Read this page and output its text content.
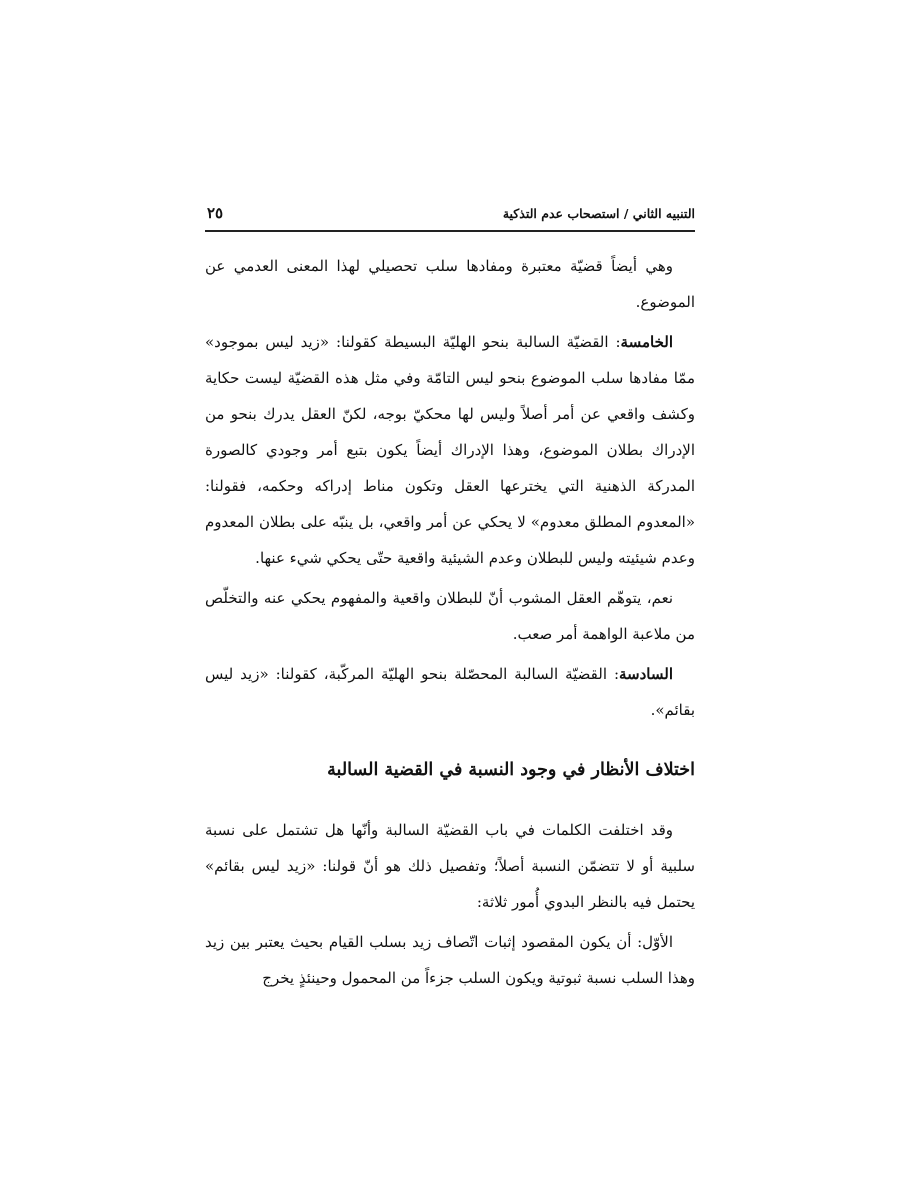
التنبيه الثاني / استصحاب عدم التذكية
٢٥

وهي أيضاً قضيّة معتبرة ومفادها سلب تحصيلي لهذا المعنى العدمي عن الموضوع.

الخامسة: القضيّة السالبة بنحو الهليّة البسيطة كقولنا: «زيد ليس بموجود» ممّا مفادها سلب الموضوع بنحو ليس التامّة وفي مثل هذه القضيّة ليست حكاية وكشف واقعي عن أمر أصلاً وليس لها محكيّ بوجه، لكنّ العقل يدرك بنحو من الإدراك بطلان الموضوع، وهذا الإدراك أيضاً يكون بتبع أمر وجودي كالصورة المدركة الذهنية التي يخترعها العقل وتكون مناط إدراكه وحكمه، فقولنا: «المعدوم المطلق معدوم» لا يحكي عن أمر واقعي، بل ينبّه على بطلان المعدوم وعدم شيئيته وليس للبطلان وعدم الشيئية واقعية حتّى يحكي شيء عنها.

نعم، يتوهّم العقل المشوب أنّ للبطلان واقعية والمفهوم يحكي عنه والتخلّص من ملاعبة الواهمة أمر صعب.

السادسة: القضيّة السالبة المحصّلة بنحو الهليّة المركّبة، كقولنا: «زيد ليس بقائم».

اختلاف الأنظار في وجود النسبة في القضية السالبة

وقد اختلفت الكلمات في باب القضيّة السالبة وأنّها هل تشتمل على نسبة سلبية أو لا تتضمّن النسبة أصلاً؛ وتفصيل ذلك هو أنّ قولنا: «زيد ليس بقائم» يحتمل فيه بالنظر البدوي أُمور ثلاثة:

الأوّل: أن يكون المقصود إثبات اتّصاف زيد بسلب القيام بحيث يعتبر بين زيد وهذا السلب نسبة ثبوتية ويكون السلب جزءاً من المحمول وحينئذٍ يخرج
